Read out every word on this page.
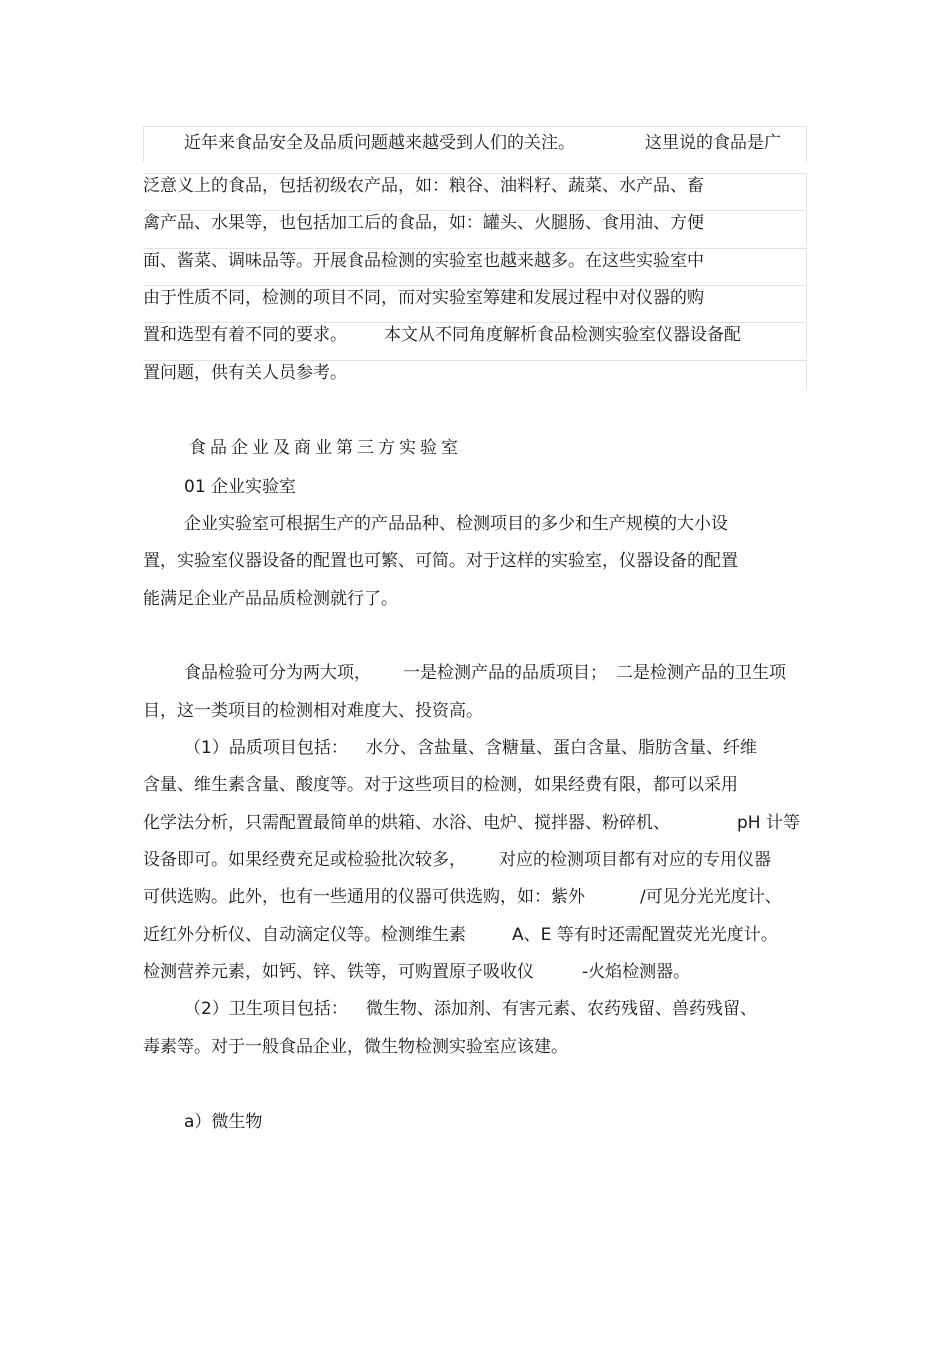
近年来食品安全及品质问题越来越受到人们的关注。	这里说的食品是广
泛意义上的食品，包括初级农产品，如：粮谷、油料籽、蔬菜、水产品、畜
禽产品、水果等，也包括加工后的食品，如：罐头、火腿肠、食用油、方便
面、酱菜、调味品等。开展食品检测的实验室也越来越多。在这些实验室中
由于性质不同，检测的项目不同，而对实验室筹建和发展过程中对仪器的购
置和选型有着不同的要求。 本文从不同角度解析食品检测实验室仪器设备配
置问题，供有关人员参考。
食品企业及商业第三方实验室
01 企业实验室
企业实验室可根据生产的产品品种、检测项目的多少和生产规模的大小设
置，实验室仪器设备的配置也可繁、可简。对于这样的实验室，仪器设备的配置
能满足企业产品品质检测就行了。
食品检验可分为两大项， 一是检测产品的品质项目； 二是检测产品的卫生项
目，这一类项目的检测相对难度大、投资高。
（1）品质项目包括： 水分、含盐量、含糖量、蛋白含量、脂肪含量、纤维
含量、维生素含量、酸度等。对于这些项目的检测，如果经费有限，都可以采用
化学法分析，只需配置最简单的烘箱、水浴、电炉、搅拌器、粉碎机、	pH 计等
设备即可。如果经费充足或检验批次较多， 对应的检测项目都有对应的专用仪器
可供选购。此外，也有一些通用的仪器可供选购，如：紫外	/可见分光光度计、
近红外分析仪、自动滴定仪等。检测维生素	A、E 等有时还需配置荧光光度计。
检测营养元素，如钙、锌、铁等，可购置原子吸收仪	-火焰检测器。
（2）卫生项目包括： 微生物、添加剂、有害元素、农药残留、兽药残留、
毒素等。对于一般食品企业，微生物检测实验室应该建。
a）微生物
